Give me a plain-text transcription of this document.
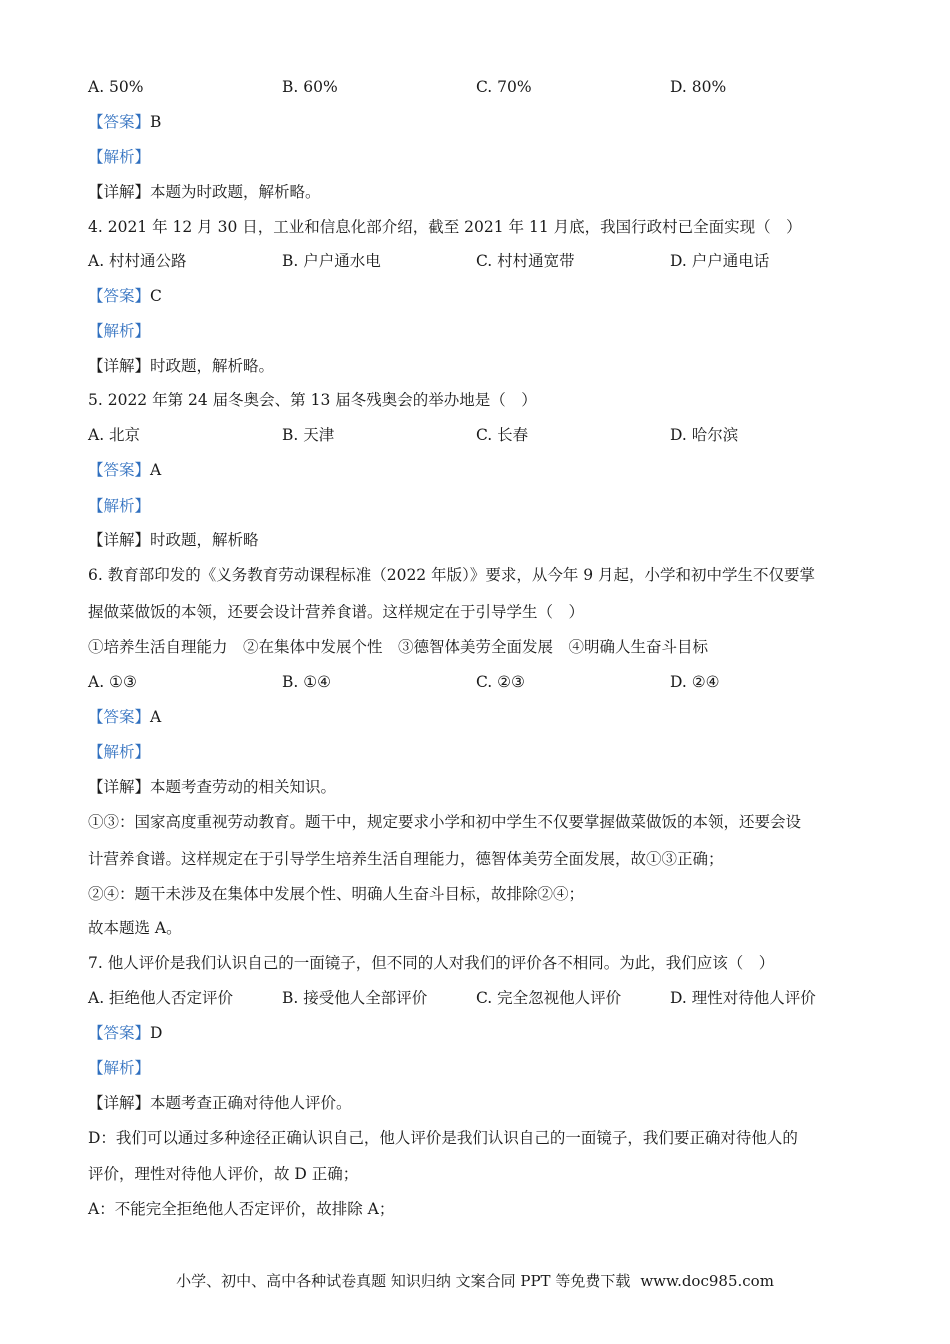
A. 50%	B. 60%	C. 70%	D. 80%
【答案】B
【解析】
【详解】本题为时政题，解析略。
4. 2021 年 12 月 30 日，工业和信息化部介绍，截至 2021 年 11 月底，我国行政村已全面实现（　）
A. 村村通公路	B. 户户通水电	C. 村村通宽带	D. 户户通电话
【答案】C
【解析】
【详解】时政题，解析略。
5. 2022 年第 24 届冬奥会、第 13 届冬残奥会的举办地是（　）
A. 北京	B. 天津	C. 长春	D. 哈尔滨
【答案】A
【解析】
【详解】时政题，解析略
6. 教育部印发的《义务教育劳动课程标准（2022 年版）》要求，从今年 9 月起，小学和初中学生不仅要掌
握做菜做饭的本领，还要会设计营养食谱。这样规定在于引导学生（　）
①培养生活自理能力　②在集体中发展个性　③德智体美劳全面发展　④明确人生奋斗目标
A. ①③	B. ①④	C. ②③	D. ②④
【答案】A
【解析】
【详解】本题考查劳动的相关知识。
①③：国家高度重视劳动教育。题干中，规定要求小学和初中学生不仅要掌握做菜做饭的本领，还要会设
计营养食谱。这样规定在于引导学生培养生活自理能力，德智体美劳全面发展，故①③正确；
②④：题干未涉及在集体中发展个性、明确人生奋斗目标，故排除②④；
故本题选 A。
7. 他人评价是我们认识自己的一面镜子，但不同的人对我们的评价各不相同。为此，我们应该（　）
A. 拒绝他人否定评价	B. 接受他人全部评价	C. 完全忽视他人评价	D. 理性对待他人评价
【答案】D
【解析】
【详解】本题考查正确对待他人评价。
D：我们可以通过多种途径正确认识自己，他人评价是我们认识自己的一面镜子，我们要正确对待他人的
评价，理性对待他人评价，故 D 正确；
A：不能完全拒绝他人否定评价，故排除 A；
小学、初中、高中各种试卷真题 知识归纳 文案合同 PPT 等免费下载 www.doc985.com
